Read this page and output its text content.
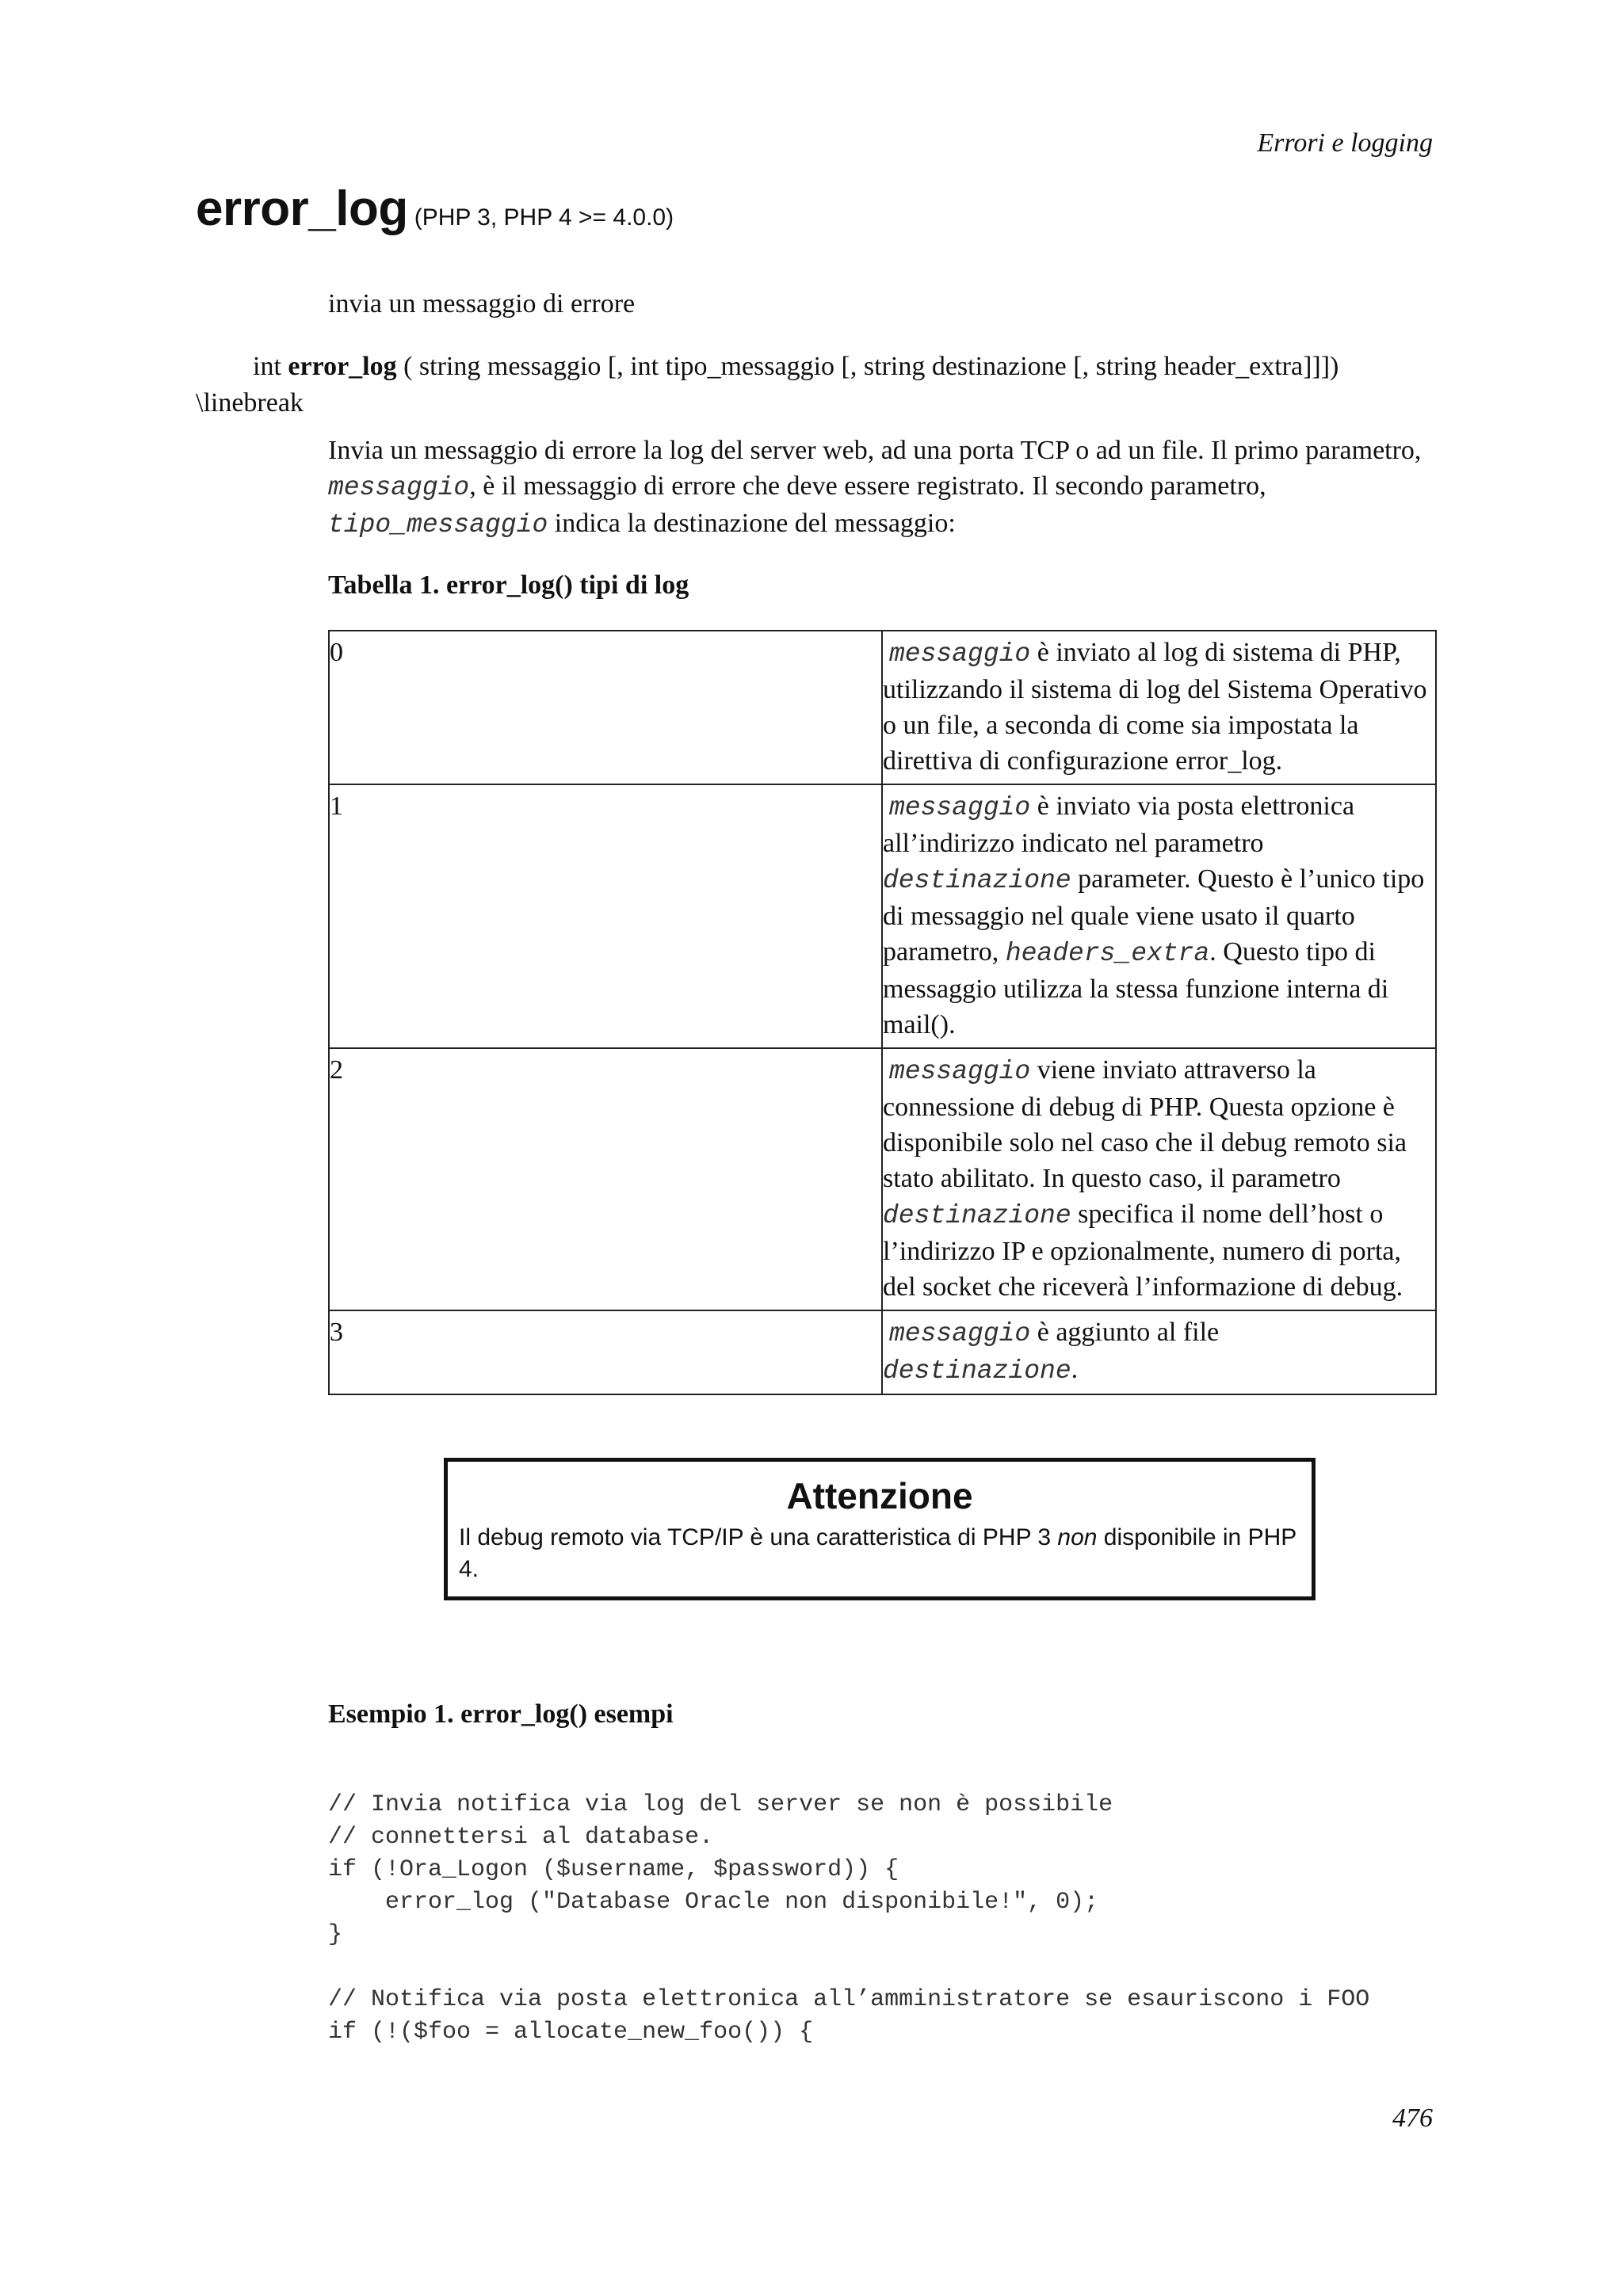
Errori e logging
error_log (PHP 3, PHP 4 >= 4.0.0)
invia un messaggio di errore
int error_log ( string messaggio [, int tipo_messaggio [, string destinazione [, string header_extra]]]) \linebreak
Invia un messaggio di errore la log del server web, ad una porta TCP o ad un file. Il primo parametro, messaggio, è il messaggio di errore che deve essere registrato. Il secondo parametro, tipo_messaggio indica la destinazione del messaggio:
Tabella 1. error_log() tipi di log
0	messaggio è inviato al log di sistema di PHP, utilizzando il sistema di log del Sistema Operativo o un file, a seconda di come sia impostata la direttiva di configurazione error_log.
1	messaggio è inviato via posta elettronica all’indirizzo indicato nel parametro destinazione parameter. Questo è l’unico tipo di messaggio nel quale viene usato il quarto parametro, headers_extra. Questo tipo di messaggio utilizza la stessa funzione interna di mail().
2	messaggio viene inviato attraverso la connessione di debug di PHP. Questa opzione è disponibile solo nel caso che il debug remoto sia stato abilitato. In questo caso, il parametro destinazione specifica il nome dell’host o l’indirizzo IP e opzionalmente, numero di porta, del socket che riceverà l’informazione di debug.
3	messaggio è aggiunto al file
destinazione.
Attenzione
Il debug remoto via TCP/IP è una caratteristica di PHP 3 non disponibile in PHP 4.
Esempio 1. error_log() esempi
// Invia notifica via log del server se non è possibile
// connettersi al database.
if (!Ora_Logon ($username, $password)) {
error_log ("Database Oracle non disponibile!", 0);
}

// Notifica via posta elettronica all’amministratore se esauriscono i FOO
if (!($foo = allocate_new_foo()) {
476
